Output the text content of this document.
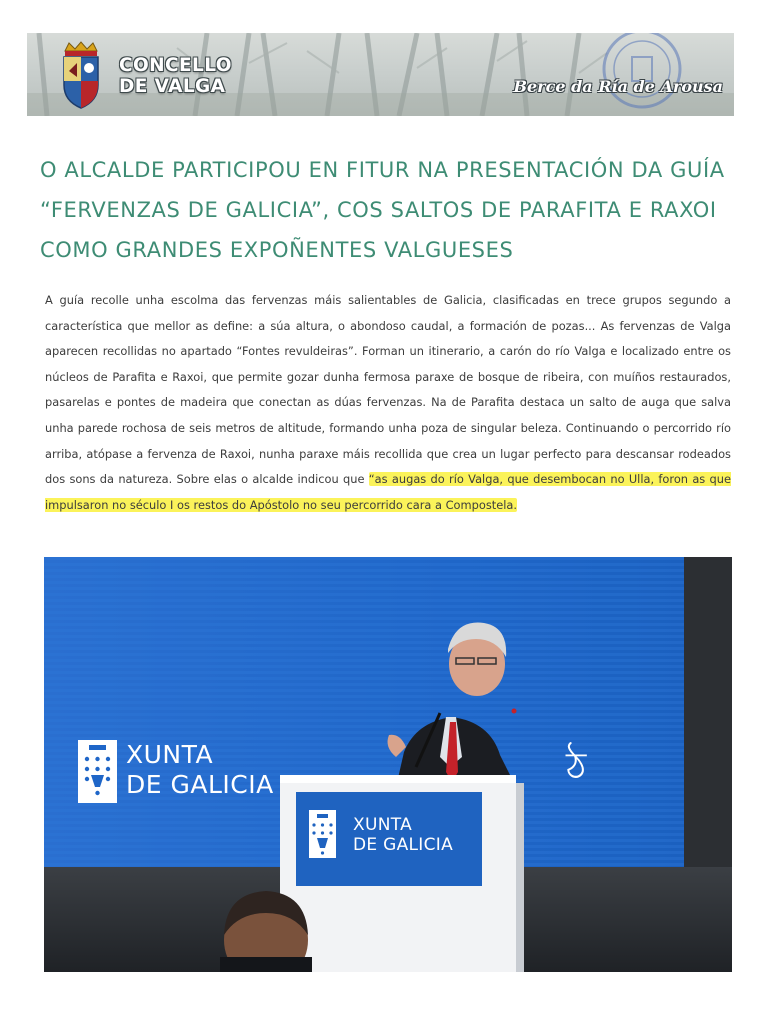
CONCELLO
DE VALGA	Berce da Ría de Arousa
O ALCALDE PARTICIPOU EN FITUR NA PRESENTACIÓN DA GUÍA “FERVENZAS DE GALICIA”, COS SALTOS DE PARAFITA E RAXOI COMO GRANDES EXPOÑENTES VALGUESES

A guía recolle unha escolma das fervenzas máis salientables de Galicia, clasificadas en trece grupos segundo a característica que mellor as define: a súa altura, o abondoso caudal, a formación de pozas... As fervenzas de Valga aparecen recollidas no apartado “Fontes revuldeiras”. Forman un itinerario, a carón do río Valga e localizado entre os núcleos de Parafita e Raxoi, que permite gozar dunha fermosa paraxe de bosque de ribeira, con muíños restaurados, pasarelas e pontes de madeira que conectan as dúas fervenzas. Na de Parafita destaca un salto de auga que salva unha parede rochosa de seis metros de altitude, formando unha poza de singular beleza. Continuando o percorrido río arriba, atópase a fervenza de Raxoi, nunha paraxe máis recollida que crea un lugar perfecto para descansar rodeados dos sons da natureza. Sobre elas o alcalde indicou que “as augas do río Valga, que desembocan no Ulla, foron as que impulsaron no século I os restos do Apóstolo no seu percorrido cara a Compostela.

ঠ
XUNTA
DE GALICIA
XUNTA
DE GALICIA
